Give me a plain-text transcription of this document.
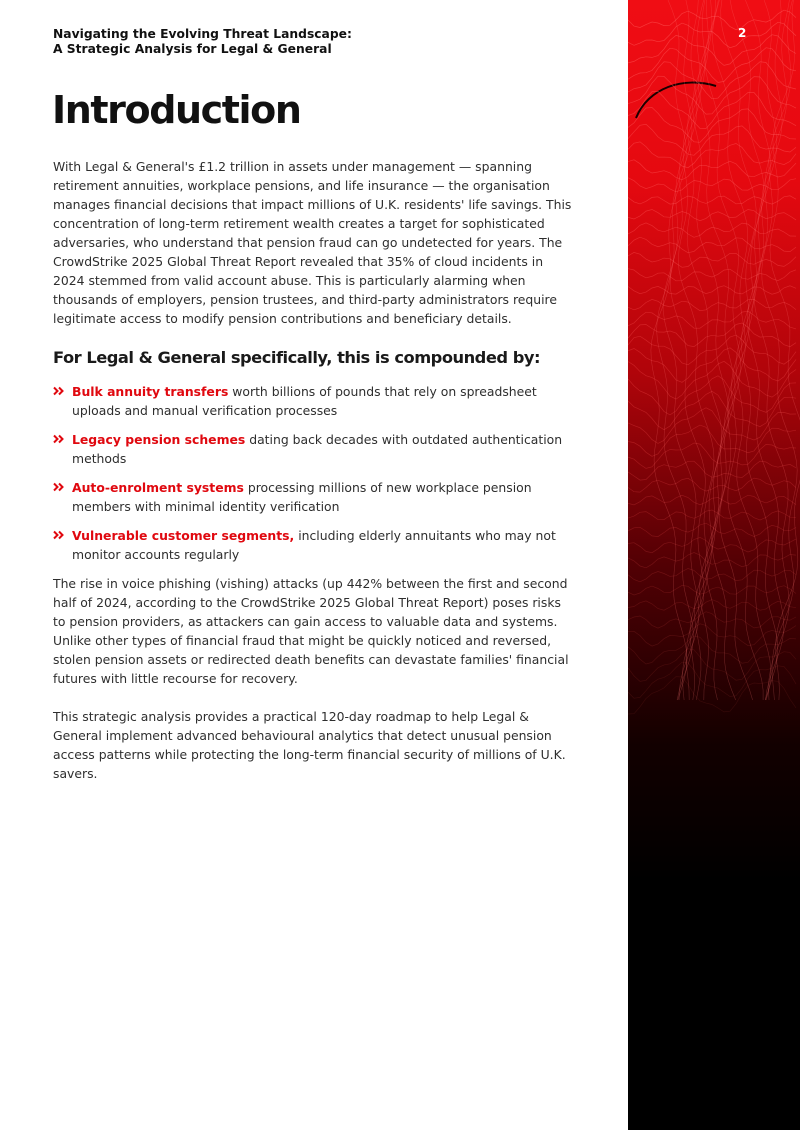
2
Navigating the Evolving Threat Landscape:
A Strategic Analysis for Legal & General
Introduction

With Legal & General's £1.2 trillion in assets under management — spanning retirement annuities, workplace pensions, and life insurance — the organisation manages financial decisions that impact millions of U.K. residents' life savings. This concentration of long-term retirement wealth creates a target for sophisticated adversaries, who understand that pension fraud can go undetected for years. The CrowdStrike 2025 Global Threat Report revealed that 35% of cloud incidents in 2024 stemmed from valid account abuse. This is particularly alarming when thousands of employers, pension trustees, and third-party administrators require legitimate access to modify pension contributions and beneficiary details.

For Legal & General specifically, this is compounded by:
Bulk annuity transfers worth billions of pounds that rely on spreadsheet uploads and manual verification processes
Legacy pension schemes dating back decades with outdated authentication methods
Auto-enrolment systems processing millions of new workplace pension members with minimal identity verification
Vulnerable customer segments, including elderly annuitants who may not monitor accounts regularly

The rise in voice phishing (vishing) attacks (up 442% between the first and second half of 2024, according to the CrowdStrike 2025 Global Threat Report) poses risks to pension providers, as attackers can gain access to valuable data and systems. Unlike other types of financial fraud that might be quickly noticed and reversed, stolen pension assets or redirected death benefits can devastate families' financial futures with little recourse for recovery.

This strategic analysis provides a practical 120-day roadmap to help Legal & General implement advanced behavioural analytics that detect unusual pension access patterns while protecting the long-term financial security of millions of U.K. savers.
